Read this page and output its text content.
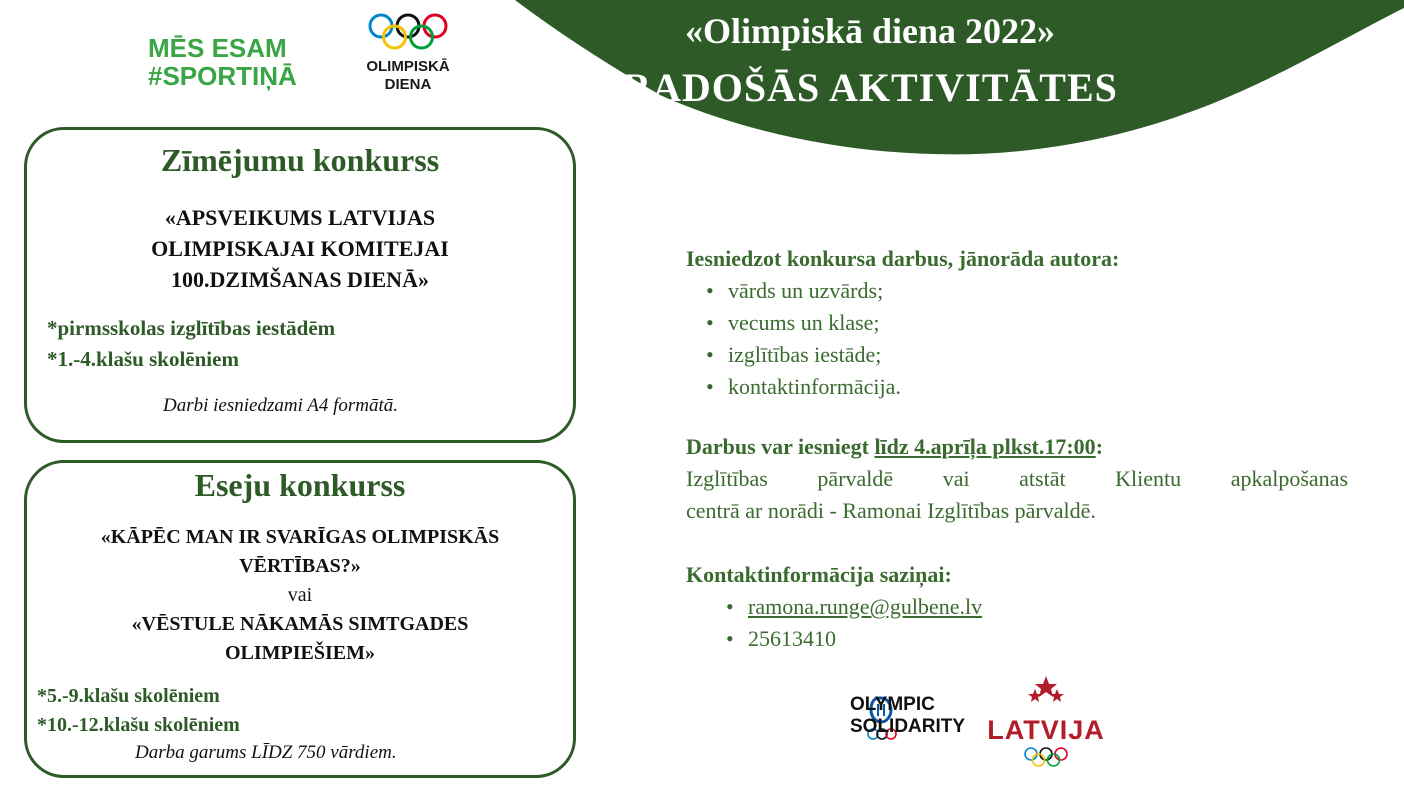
«Olimpiskā diena 2022»
RADOŠĀS AKTIVITĀTES
MĒS ESAM
#SPORTIŅĀ	OLIMPISKĀ
DIENA
Zīmējumu konkurss
«APSVEIKUMS LATVIJAS
OLIMPISKAJAI KOMITEJAI
100.DZIMŠANAS DIENĀ»
*pirmsskolas izglītības iestādēm
*1.-4.klašu skolēniem
Darbi iesniedzami A4 formātā.
Eseju konkurss
«KĀPĒC MAN IR SVARĪGAS OLIMPISKĀS
VĒRTĪBAS?»
vai
«VĒSTULE NĀKAMĀS SIMTGADES
OLIMPIEŠIEM»
*5.-9.klašu skolēniem
*10.-12.klašu skolēniem
Darba garums LĪDZ 750 vārdiem.
Iesniedzot konkursa darbus, jānorāda autora:
• vārds un uzvārds;
• vecums un klase;
• izglītības iestāde;
• kontaktinformācija.
Darbus var iesniegt līdz 4.aprīļa plkst.17:00:
Izglītības pārvaldē vai atstāt Klientu apkalpošanas
centrā ar norādi - Ramonai Izglītības pārvaldē.
Kontaktinformācija saziņai:
• ramona.runge@gulbene.lv
• 25613410
OLYMPIC
SOLIDARITY LATVIJA
